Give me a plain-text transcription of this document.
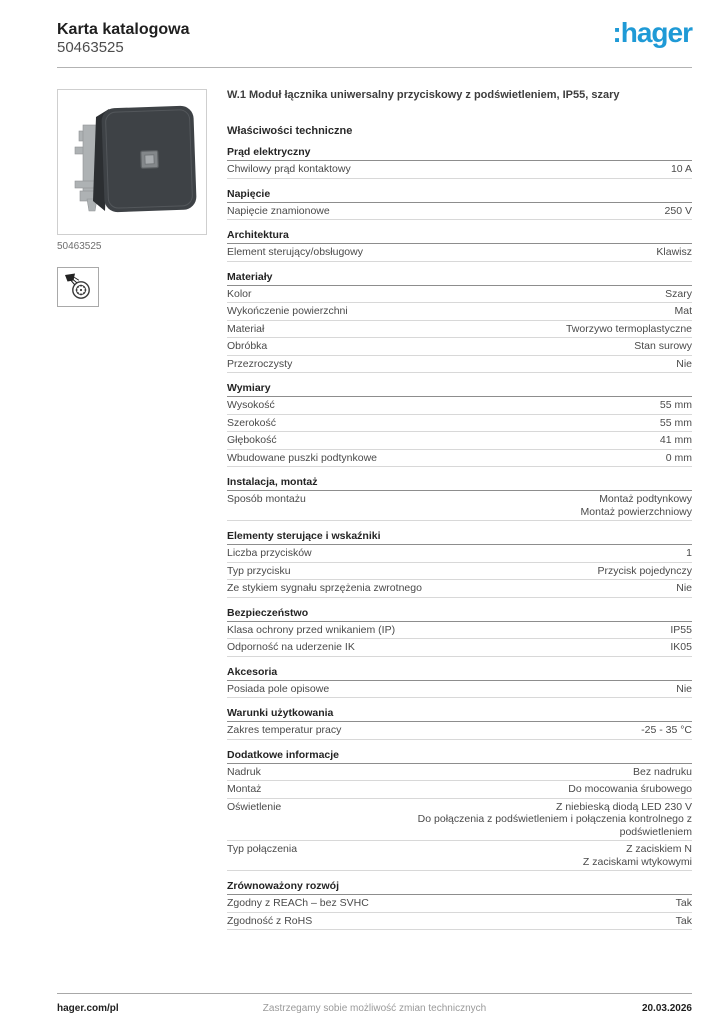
Karta katalogowa
50463525	:hager
50463525
W.1 Moduł łącznika uniwersalny przyciskowy z podświetleniem, IP55, szary
Właściwości techniczne
Prąd elektryczny
Chwilowy prąd kontaktowy	10 A
Napięcie
Napięcie znamionowe	250 V
Architektura
Element sterujący/obsługowy	Klawisz
Materiały
Kolor	Szary
Wykończenie powierzchni	Mat
Materiał	Tworzywo termoplastyczne
Obróbka	Stan surowy
Przezroczysty	Nie
Wymiary
Wysokość	55 mm
Szerokość	55 mm
Głębokość	41 mm
Wbudowane puszki podtynkowe	0 mm
Instalacja, montaż
Sposób montażu	Montaż podtynkowy
Montaż powierzchniowy
Elementy sterujące i wskaźniki
Liczba przycisków	1
Typ przycisku	Przycisk pojedynczy
Ze stykiem sygnału sprzężenia zwrotnego	Nie
Bezpieczeństwo
Klasa ochrony przed wnikaniem (IP)	IP55
Odporność na uderzenie IK	IK05
Akcesoria
Posiada pole opisowe	Nie
Warunki użytkowania
Zakres temperatur pracy	-25 - 35 °C
Dodatkowe informacje
Nadruk	Bez nadruku
Montaż	Do mocowania śrubowego
Oświetlenie	Z niebieską diodą LED 230 V
Do połączenia z podświetleniem i połączenia kontrolnego z podświetleniem
Typ połączenia	Z zaciskiem N
Z zaciskami wtykowymi
Zrównoważony rozwój
Zgodny z REACh – bez SVHC	Tak
Zgodność z RoHS	Tak
hager.com/pl	Zastrzegamy sobie możliwość zmian technicznych	20.03.2026
